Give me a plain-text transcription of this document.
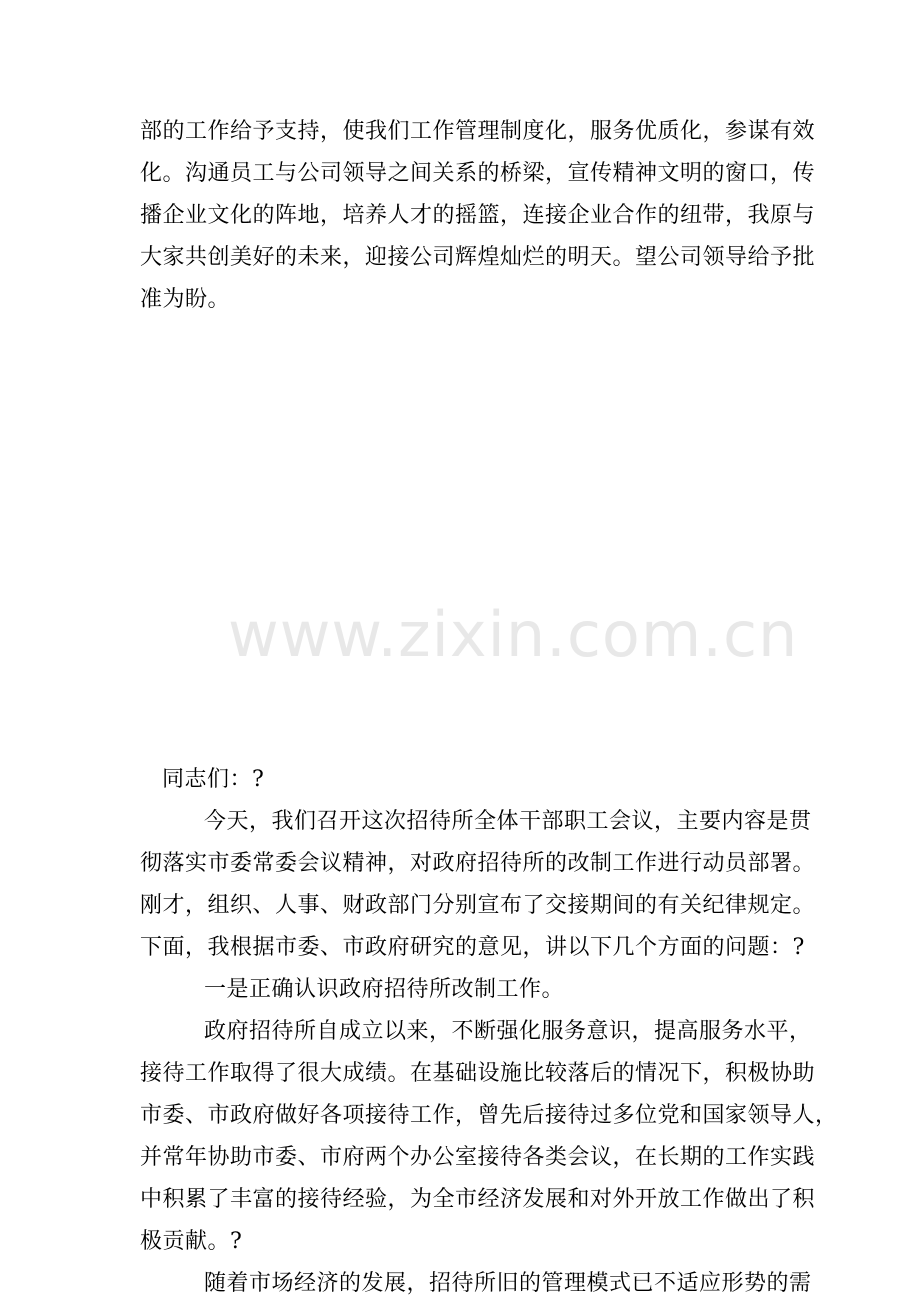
www.zixin.com.cn
部的工作给予支持，使我们工作管理制度化，服务优质化，参谋有效
化。沟通员工与公司领导之间关系的桥梁，宣传精神文明的窗口，传
播企业文化的阵地，培养人才的摇篮，连接企业合作的纽带，我原与
大家共创美好的未来，迎接公司辉煌灿烂的明天。望公司领导给予批
准为盼。
同志们：?
今天，我们召开这次招待所全体干部职工会议，主要内容是贯
彻落实市委常委会议精神，对政府招待所的改制工作进行动员部署。
刚才，组织、人事、财政部门分别宣布了交接期间的有关纪律规定。
下面，我根据市委、市政府研究的意见，讲以下几个方面的问题：?
一是正确认识政府招待所改制工作。
政府招待所自成立以来，不断强化服务意识，提高服务水平，
接待工作取得了很大成绩。在基础设施比较落后的情况下，积极协助
市委、市政府做好各项接待工作，曾先后接待过多位党和国家领导人，
并常年协助市委、市府两个办公室接待各类会议，在长期的工作实践
中积累了丰富的接待经验，为全市经济发展和对外开放工作做出了积
极贡献。?
随着市场经济的发展，招待所旧的管理模式已不适应形势的需
